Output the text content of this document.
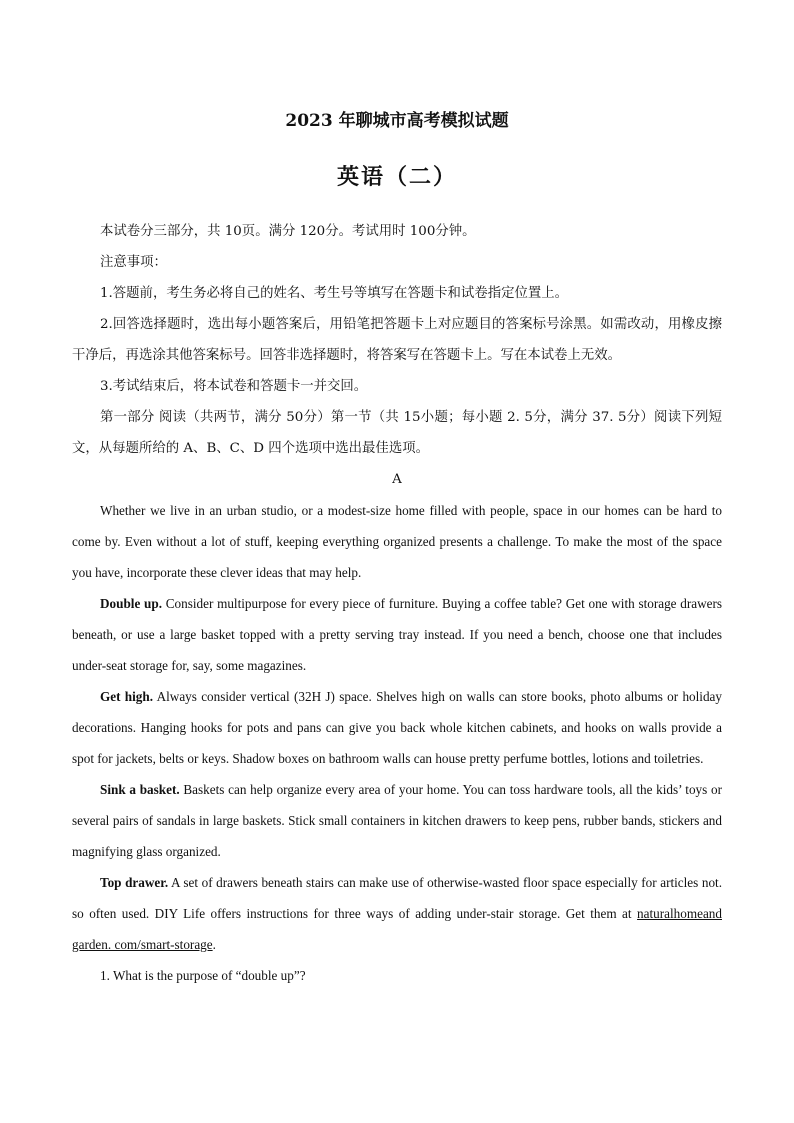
2023 年聊城市高考模拟试题
英语（二）

本试卷分三部分，共 10页。满分 120分。考试用时 100分钟。

注意事项：

1.答题前，考生务必将自己的姓名、考生号等填写在答题卡和试卷指定位置上。

2.回答选择题时，选出每小题答案后，用铅笔把答题卡上对应题目的答案标号涂黑。如需改动，用橡皮擦干净后，再选涂其他答案标号。回答非选择题时，将答案写在答题卡上。写在本试卷上无效。

3.考试结束后，将本试卷和答题卡一并交回。

第一部分 阅读（共两节，满分 50分）第一节（共 15小题；每小题 2. 5分，满分 37. 5分）阅读下列短文，从每题所给的 A、B、C、D 四个选项中选出最佳选项。

A

Whether we live in an urban studio, or a modest-size home filled with people, space in our homes can be hard to come by. Even without a lot of stuff, keeping everything organized presents a challenge. To make the most of the space you have, incorporate these clever ideas that may help.

Double up. Consider multipurpose for every piece of furniture. Buying a coffee table? Get one with storage drawers beneath, or use a large basket topped with a pretty serving tray instead. If you need a bench, choose one that includes under-seat storage for, say, some magazines.

Get high. Always consider vertical (32H J) space. Shelves high on walls can store books, photo albums or holiday decorations. Hanging hooks for pots and pans can give you back whole kitchen cabinets, and hooks on walls provide a spot for jackets, belts or keys. Shadow boxes on bathroom walls can house pretty perfume bottles, lotions and toiletries.

Sink a basket. Baskets can help organize every area of your home. You can toss hardware tools, all the kids’ toys or several pairs of sandals in large baskets. Stick small containers in kitchen drawers to keep pens, rubber bands, stickers and magnifying glass organized.

Top drawer. A set of drawers beneath stairs can make use of otherwise-wasted floor space especially for articles not. so often used. DIY Life offers instructions for three ways of adding under-stair storage. Get them at naturalhomeand garden. com/smart-storage.

1. What is the purpose of “double up”?
